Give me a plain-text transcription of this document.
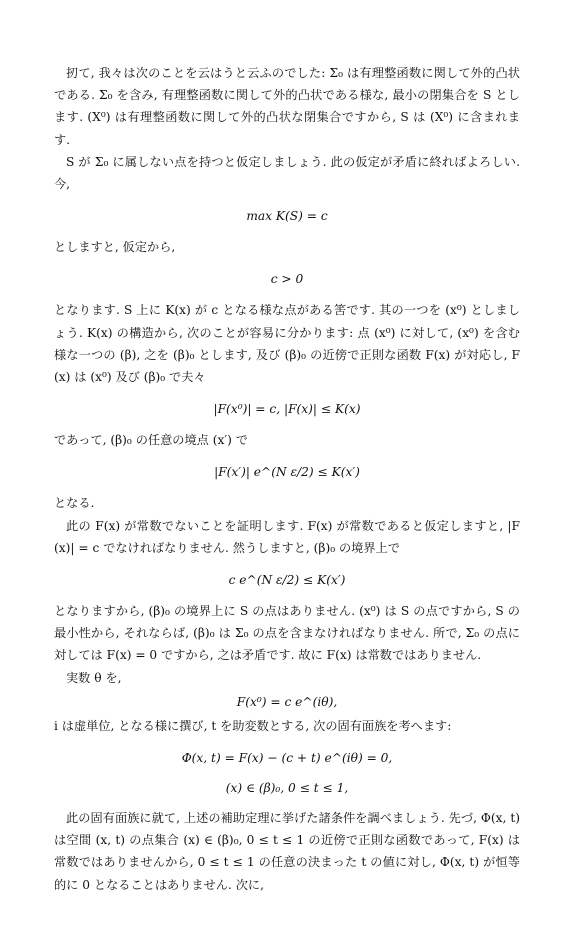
扨て, 我々は次のことを云はうと云ふのでした: Σ₀ は有理整函数に関して外的凸状である. Σ₀ を含み, 有理整函数に関して外的凸状である様な, 最小の閉集合を S とします. (X⁰) は有理整函数に関して外的凸状な閉集合ですから, S は (X⁰) に含まれます.

S が Σ₀ に属しない点を持つと仮定しましょう. 此の仮定が矛盾に終ればよろしい. 今,

max K(S) = c

としますと, 仮定から,

c > 0

となります. S 上に K(x) が c となる様な点がある筈です. 其の一つを (x⁰) としましょう. K(x) の構造から, 次のことが容易に分かります: 点 (x⁰) に対して, (x⁰) を含む様な一つの (β), 之を (β)₀ とします, 及び (β)₀ の近傍で正則な函数 F(x) が対応し, F(x) は (x⁰) 及び (β)₀ で夫々

|F(x⁰)| = c, |F(x)| ≤ K(x)

であって, (β)₀ の任意の境点 (x′) で

|F(x′)| e^(N ε/2) ≤ K(x′)

となる.

此の F(x) が常数でないことを証明します. F(x) が常数であると仮定しますと, |F(x)| = c でなければなりません. 然うしますと, (β)₀ の境界上で

c e^(N ε/2) ≤ K(x′)

となりますから, (β)₀ の境界上に S の点はありません. (x⁰) は S の点ですから, S の最小性から, それならば, (β)₀ は Σ₀ の点を含まなければなりません. 所で, Σ₀ の点に対しては F(x) = 0 ですから, 之は矛盾です. 故に F(x) は常数ではありません.

実数 θ を,

F(x⁰) = c e^(iθ),

i は虚単位, となる様に撰び, t を助変数とする, 次の固有面族を考へます:

Φ(x, t) = F(x) − (c + t) e^(iθ) = 0,
(x) ∈ (β)₀, 0 ≤ t ≤ 1,

此の固有面族に就て, 上述の補助定理に挙げた諸条件を調べましょう. 先づ, Φ(x, t) は空間 (x, t) の点集合 (x) ∈ (β)₀, 0 ≤ t ≤ 1 の近傍で正則な函数であって, F(x) は常数ではありませんから, 0 ≤ t ≤ 1 の任意の決まった t の値に対し, Φ(x, t) が恒等的に 0 となることはありません. 次に,
